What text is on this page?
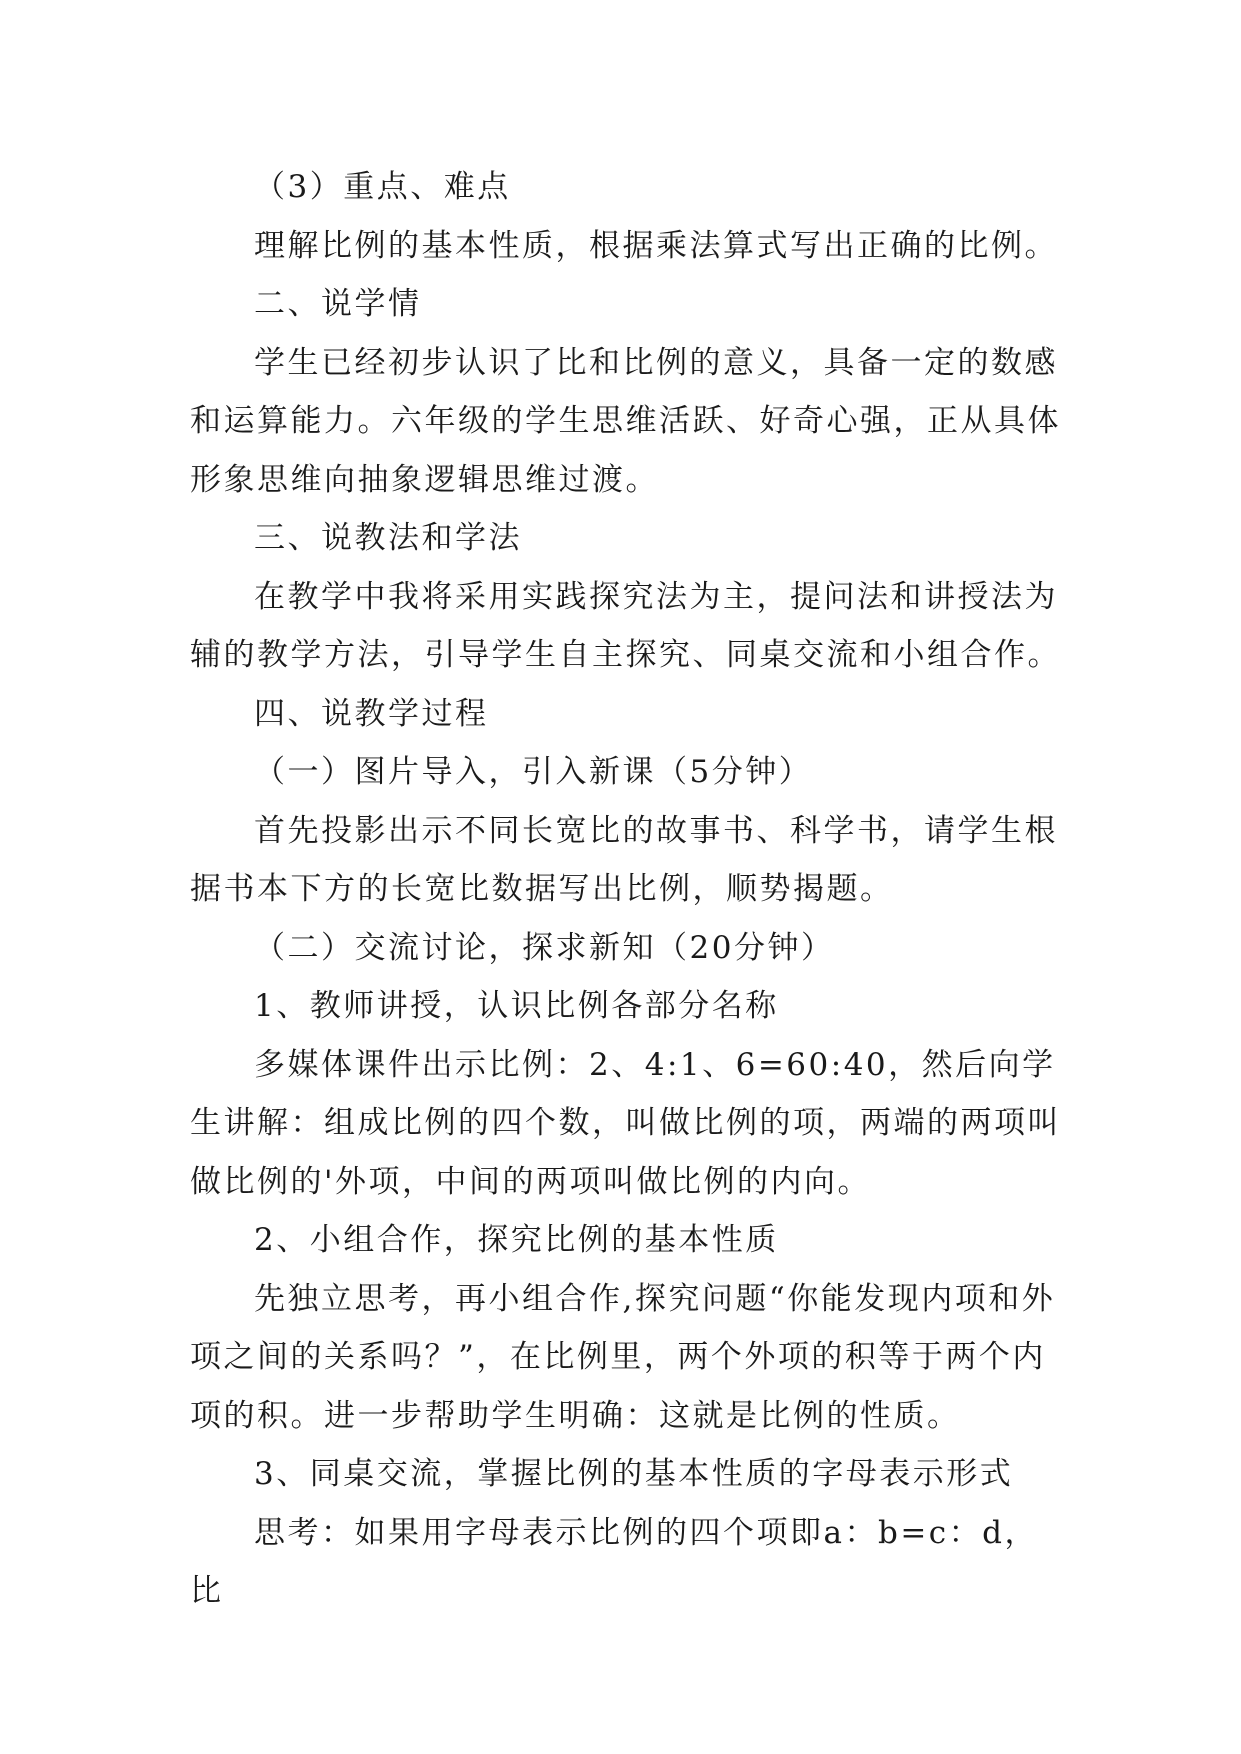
（3）重点、难点

理解比例的基本性质，根据乘法算式写出正确的比例。

二、说学情

学生已经初步认识了比和比例的意义，具备一定的数感和运算能力。六年级的学生思维活跃、好奇心强，正从具体形象思维向抽象逻辑思维过渡。

三、说教法和学法

在教学中我将采用实践探究法为主，提问法和讲授法为辅的教学方法，引导学生自主探究、同桌交流和小组合作。

四、说教学过程

（一）图片导入，引入新课（5分钟）

首先投影出示不同长宽比的故事书、科学书，请学生根据书本下方的长宽比数据写出比例，顺势揭题。

（二）交流讨论，探求新知（20分钟）

1、教师讲授，认识比例各部分名称

多媒体课件出示比例：2、4:1、6=60:40，然后向学生讲解：组成比例的四个数，叫做比例的项，两端的两项叫做比例的'外项，中间的两项叫做比例的内向。

2、小组合作，探究比例的基本性质

先独立思考，再小组合作,探究问题“你能发现内项和外项之间的关系吗？”，在比例里，两个外项的积等于两个内项的积。进一步帮助学生明确：这就是比例的性质。

3、同桌交流，掌握比例的基本性质的字母表示形式

思考：如果用字母表示比例的四个项即a：b=c：d，比
